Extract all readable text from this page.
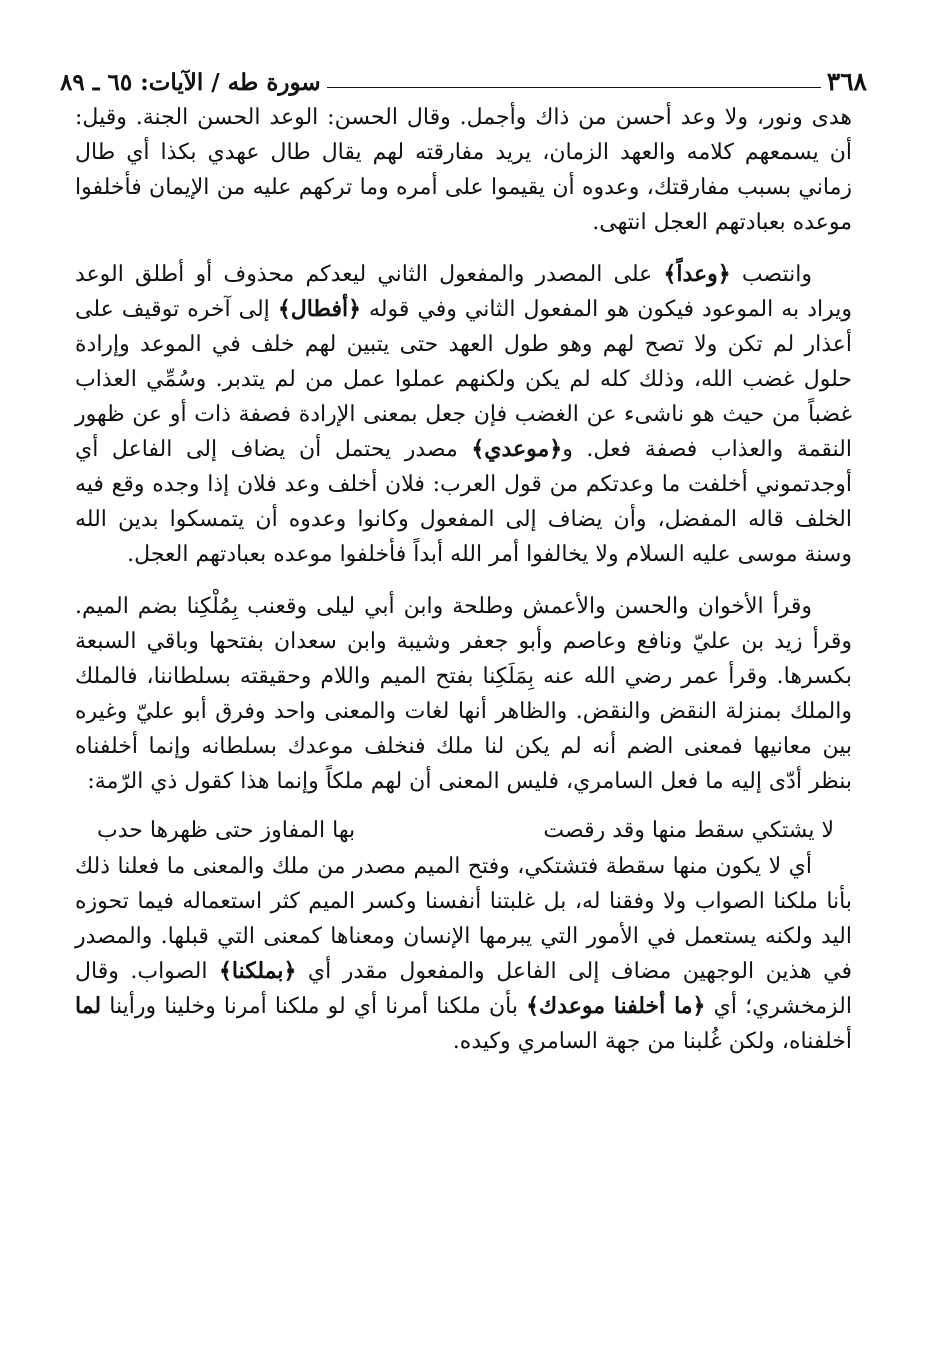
٣٦٨
سورة طه / الآيات: ٦٥ ـ ٨٩

هدى ونور، ولا وعد أحسن من ذاك وأجمل. وقال الحسن: الوعد الحسن الجنة. وقيل: أن يسمعهم كلامه والعهد الزمان، يريد مفارقته لهم يقال طال عهدي بكذا أي طال زماني بسبب مفارقتك، وعدوه أن يقيموا على أمره وما تركهم عليه من الإيمان فأخلفوا موعده بعبادتهم العجل انتهى.

وانتصب ﴿وعداً﴾ على المصدر والمفعول الثاني ليعدكم محذوف أو أطلق الوعد ويراد به الموعود فيكون هو المفعول الثاني وفي قوله ﴿أفطال﴾ إلى آخره توقيف على أعذار لم تكن ولا تصح لهم وهو طول العهد حتى يتبين لهم خلف في الموعد وإرادة حلول غضب الله، وذلك كله لم يكن ولكنهم عملوا عمل من لم يتدبر. وسُمِّي العذاب غضباً من حيث هو ناشىء عن الغضب فإن جعل بمعنى الإرادة فصفة ذات أو عن ظهور النقمة والعذاب فصفة فعل. و﴿موعدي﴾ مصدر يحتمل أن يضاف إلى الفاعل أي أوجدتموني أخلفت ما وعدتكم من قول العرب: فلان أخلف وعد فلان إذا وجده وقع فيه الخلف قاله المفضل، وأن يضاف إلى المفعول وكانوا وعدوه أن يتمسكوا بدين الله وسنة موسى عليه السلام ولا يخالفوا أمر الله أبداً فأخلفوا موعده بعبادتهم العجل.

وقرأ الأخوان والحسن والأعمش وطلحة وابن أبي ليلى وقعنب بِمُلْكِنا بضم الميم. وقرأ زيد بن عليّ ونافع وعاصم وأبو جعفر وشيبة وابن سعدان بفتحها وباقي السبعة بكسرها. وقرأ عمر رضي الله عنه بِمَلَكِنا بفتح الميم واللام وحقيقته بسلطاننا، فالملك والملك بمنزلة النقض والنقض. والظاهر أنها لغات والمعنى واحد وفرق أبو عليّ وغيره بين معانيها فمعنى الضم أنه لم يكن لنا ملك فنخلف موعدك بسلطانه وإنما أخلفناه بنظر أدّى إليه ما فعل السامري، فليس المعنى أن لهم ملكاً وإنما هذا كقول ذي الرّمة:

لا يشتكي سقط منها وقد رقصت
بها المفاوز حتى ظهرها حدب

أي لا يكون منها سقطة فتشتكي، وفتح الميم مصدر من ملك والمعنى ما فعلنا ذلك بأنا ملكنا الصواب ولا وفقنا له، بل غلبتنا أنفسنا وكسر الميم كثر استعماله فيما تحوزه اليد ولكنه يستعمل في الأمور التي يبرمها الإنسان ومعناها كمعنى التي قبلها. والمصدر في هذين الوجهين مضاف إلى الفاعل والمفعول مقدر أي ﴿بملكنا﴾ الصواب. وقال الزمخشري؛ أي ﴿ما أخلفنا موعدك﴾ بأن ملكنا أمرنا أي لو ملكنا أمرنا وخلينا ورأينا لما أخلفناه، ولكن غُلبنا من جهة السامري وكيده.
